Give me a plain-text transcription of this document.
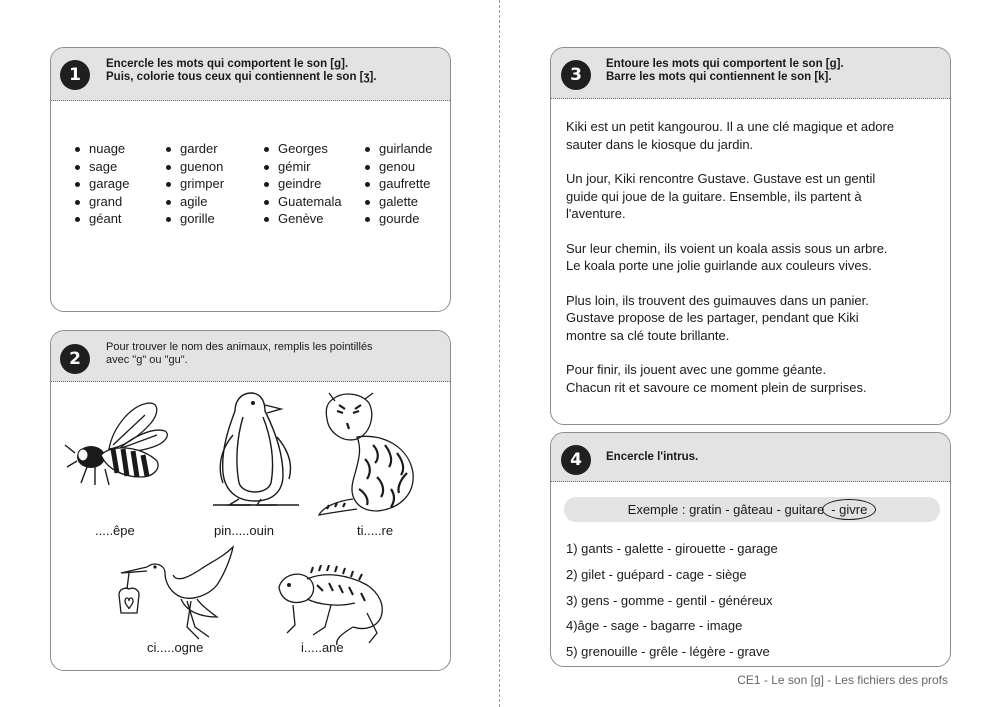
1
Encercle les mots qui comportent le son [g].
Puis, colorie tous ceux qui contiennent le son [ʒ].
nuage
sage
garage
grand
géant
garder
guenon
grimper
agile
gorille
Georges
gémir
geindre
Guatemala
Genève
guirlande
genou
gaufrette
galette
gourde
2
Pour trouver le nom des animaux, remplis les pointillés
avec "g" ou "gu".
.....êpe	pin.....ouin	ti.....re
ci.....ogne	i.....ane
3
Entoure les mots qui comportent le son [g].
Barre les mots qui contiennent le son [k].

Kiki est un petit kangourou. Il a une clé magique et adore
sauter dans le kiosque du jardin.

Un jour, Kiki rencontre Gustave. Gustave est un gentil
guide qui joue de la guitare. Ensemble, ils partent à
l'aventure.

Sur leur chemin, ils voient un koala assis sous un arbre.
Le koala porte une jolie guirlande aux couleurs vives.

Plus loin, ils trouvent des guimauves dans un panier.
Gustave propose de les partager, pendant que Kiki
montre sa clé toute brillante.

Pour finir, ils jouent avec une gomme géante.
Chacun rit et savoure ce moment plein de surprises.

4	Encercle l'intrus.
Exemple : gratin - gâteau - guitare - givre
1) gants - galette - girouette - garage
2) gilet - guépard - cage - siège
3) gens - gomme - gentil - généreux
4)âge - sage - bagarre - image
5) grenouille - grêle - légère - grave
CE1 - Le son [g] - Les fichiers des profs
